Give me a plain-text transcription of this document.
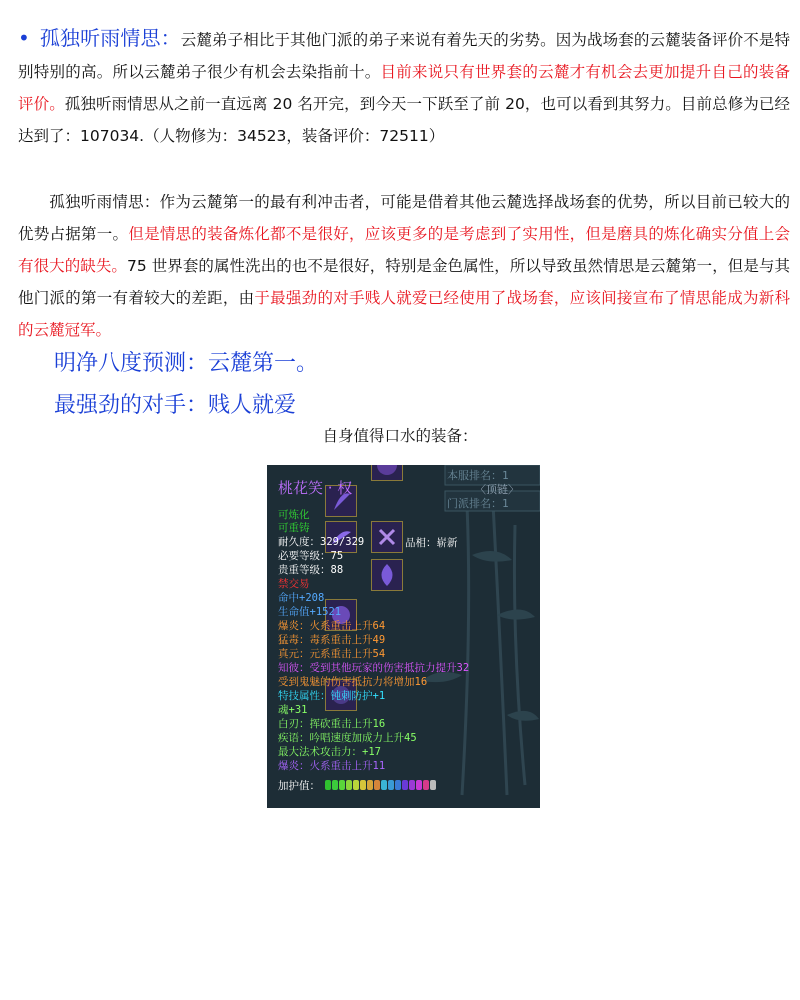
• 孤独听雨情思：云麓弟子相比于其他门派的弟子来说有着先天的劣势。因为战场套的云麓装备评价不是特别特别的高。所以云麓弟子很少有机会去染指前十。目前来说只有世界套的云麓才有机会去更加提升自己的装备评价。孤独听雨情思从之前一直远离 20 名开完，到今天一下跃至了前 20，也可以看到其努力。目前总修为已经达到了：107034.（人物修为：34523，装备评价：72511）
孤独听雨情思：作为云麓第一的最有利冲击者，可能是借着其他云麓选择战场套的优势，所以目前已较大的优势占据第一。但是情思的装备炼化都不是很好，应该更多的是考虑到了实用性，但是磨具的炼化确实分值上会有很大的缺失。75 世界套的属性洗出的也不是很好，特别是金色属性，所以导致虽然情思是云麓第一，但是与其他门派的第一有着较大的差距，由于最强劲的对手贱人就爱已经使用了战场套，应该间接宣布了情思能成为新科的云麓冠军。
明净八度预测：云麓第一。
最强劲的对手：贱人就爱
自身值得口水的装备：
本服排名：1
〈顶链〉
门派排名：1
桃花笑 · 权
可炼化
可重铸
耐久度：329/329	品相：崭新
必要等级：75
贵重等级：88
禁交易
命中+208
生命值+1521
爆炎：火系重击上升64
猛毒：毒系重击上升49
真元：元系重击上升54
知彼：受到其他玩家的伤害抵抗力提升32
受到鬼魅的伤害抵抗力将增加16
特技属性：钝刺防护+1
魂+31
白刃：挥砍重击上升16
疾语：吟唱速度加成力上升45
最大法术攻击力：+17
爆炎：火系重击上升11
加护值：
